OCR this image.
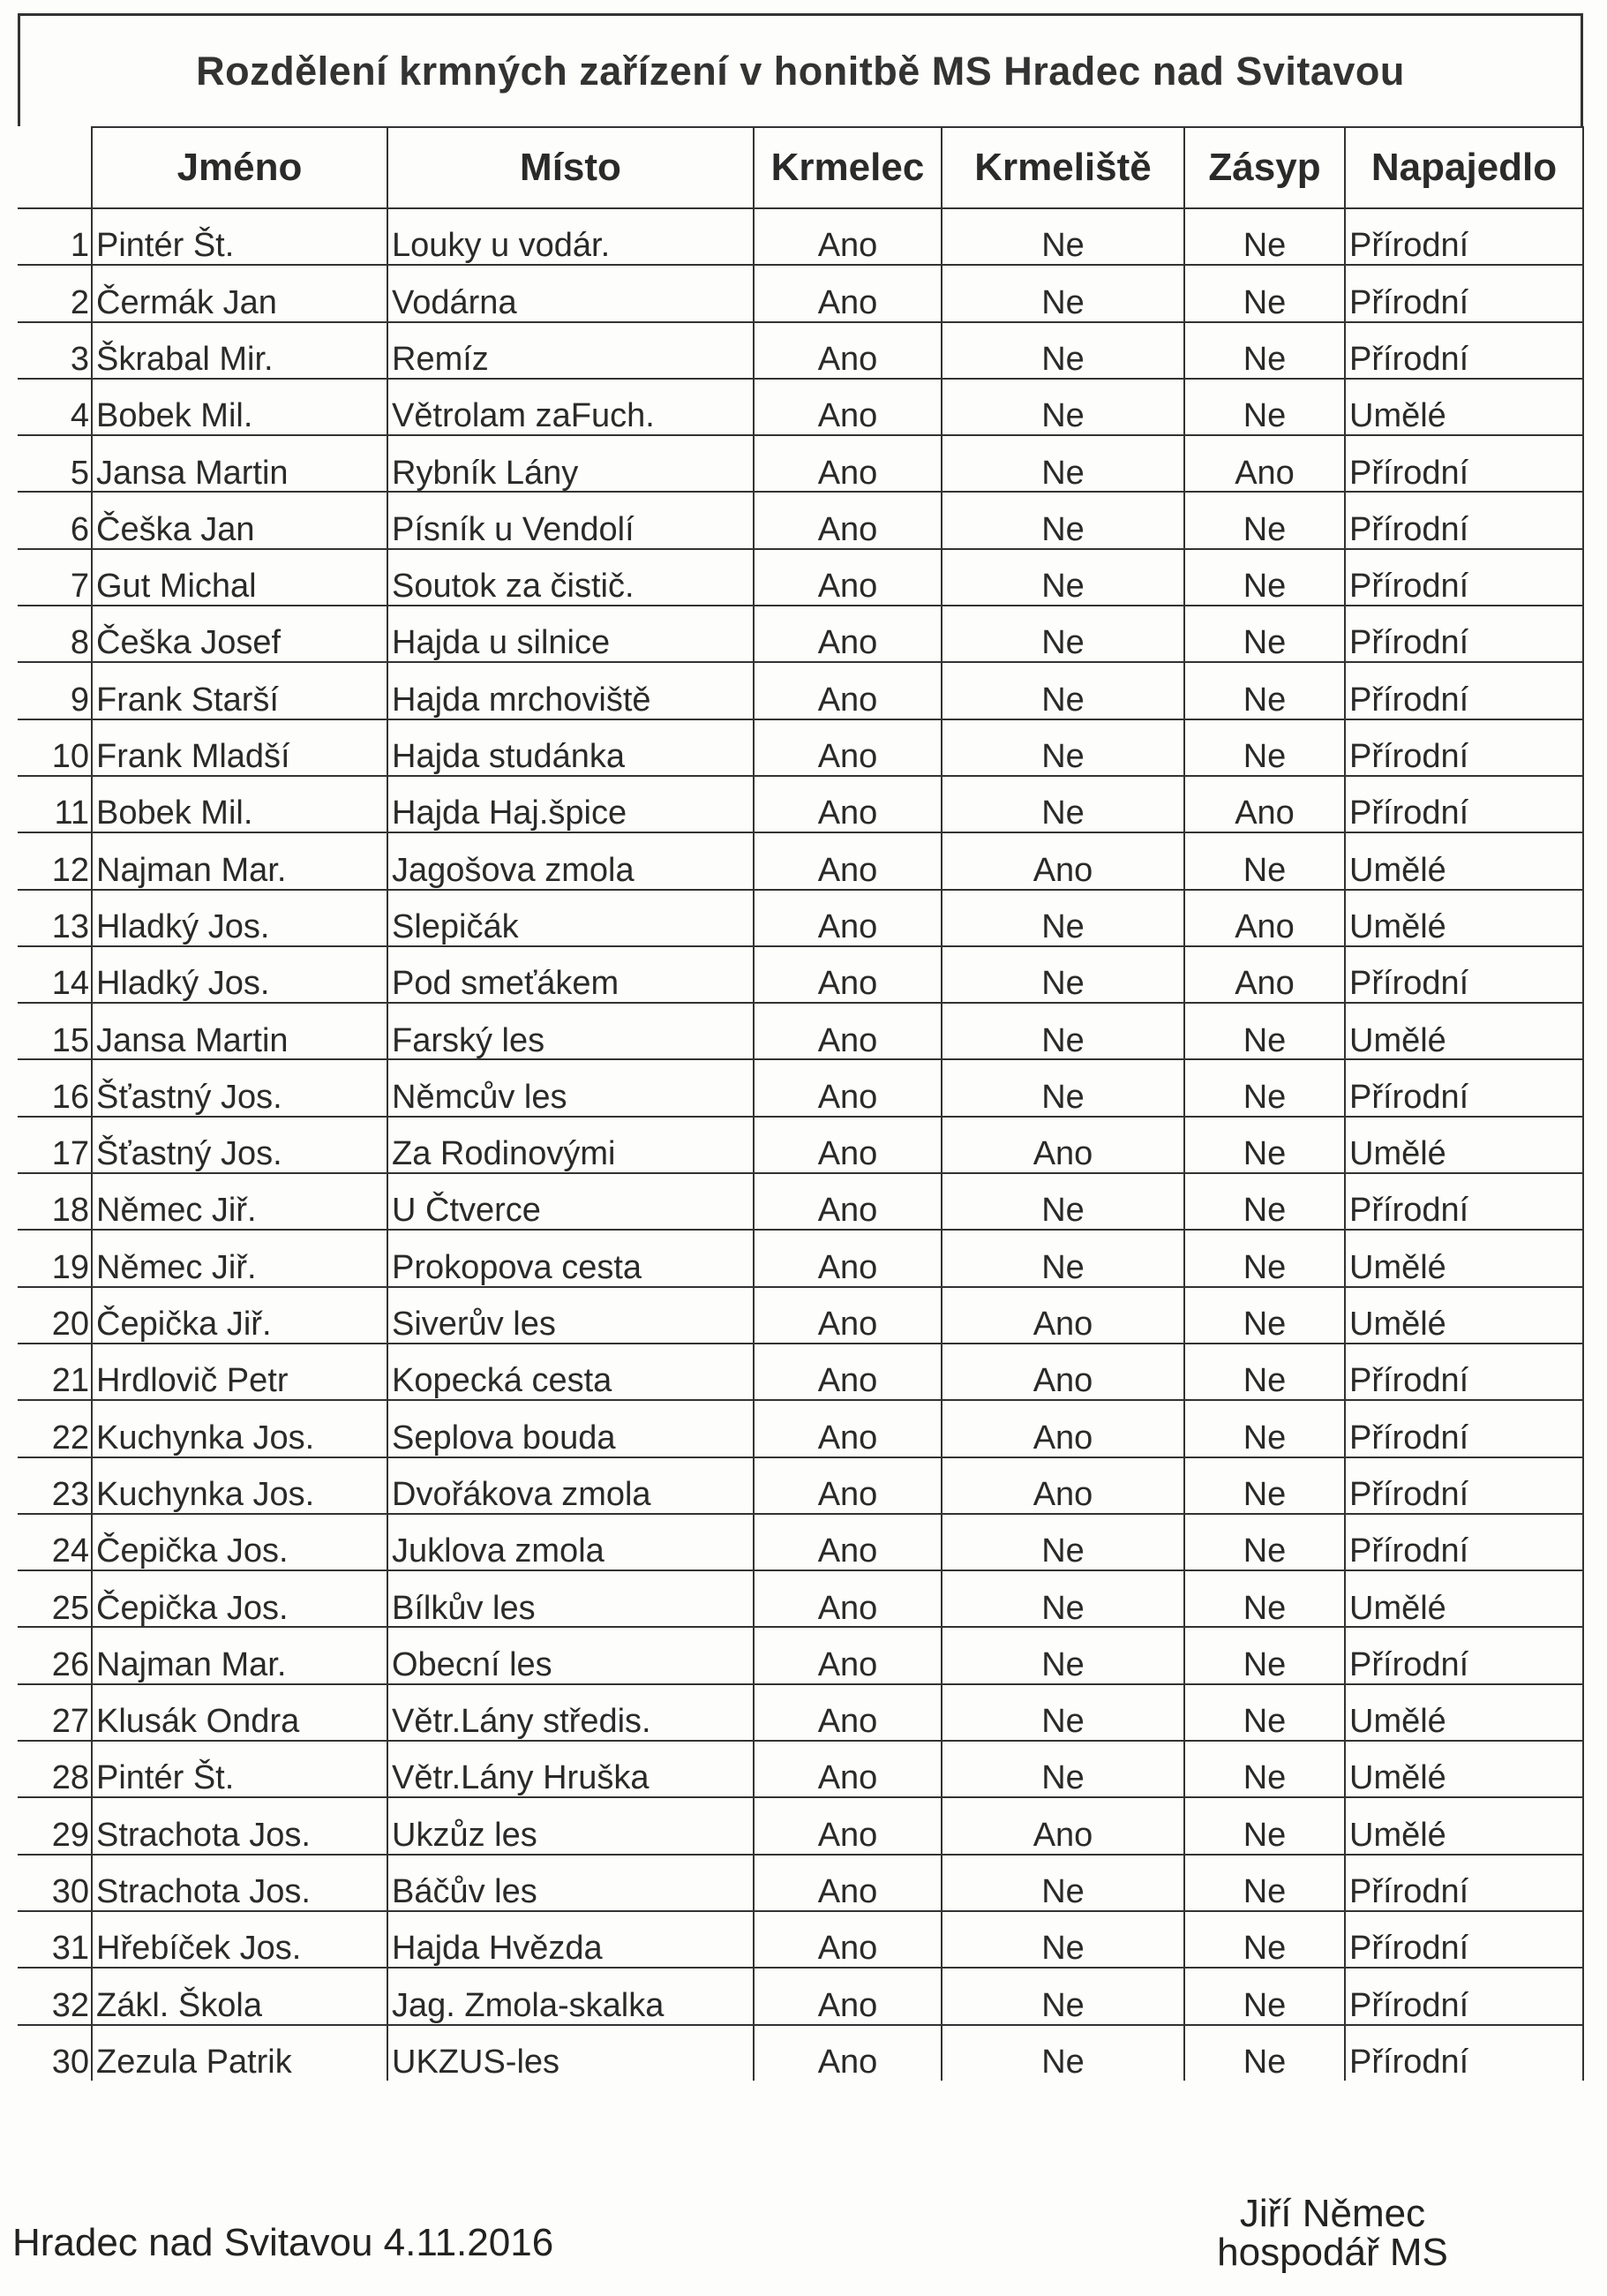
Rozdělení krmných zařízení v honitbě MS Hradec nad Svitavou
	Jméno	Místo	Krmelec	Krmeliště	Zásyp	Napajedlo
1	Pintér Št.	Louky u vodár.	Ano	Ne	Ne	Přírodní
2	Čermák Jan	Vodárna	Ano	Ne	Ne	Přírodní
3	Škrabal Mir.	Remíz	Ano	Ne	Ne	Přírodní
4	Bobek Mil.	Větrolam zaFuch.	Ano	Ne	Ne	Umělé
5	Jansa Martin	Rybník Lány	Ano	Ne	Ano	Přírodní
6	Češka Jan	Písník u Vendolí	Ano	Ne	Ne	Přírodní
7	Gut Michal	Soutok za čistič.	Ano	Ne	Ne	Přírodní
8	Češka Josef	Hajda u silnice	Ano	Ne	Ne	Přírodní
9	Frank Starší	Hajda mrchoviště	Ano	Ne	Ne	Přírodní
10	Frank Mladší	Hajda studánka	Ano	Ne	Ne	Přírodní
11	Bobek Mil.	Hajda Haj.špice	Ano	Ne	Ano	Přírodní
12	Najman Mar.	Jagošova zmola	Ano	Ano	Ne	Umělé
13	Hladký Jos.	Slepičák	Ano	Ne	Ano	Umělé
14	Hladký Jos.	Pod smeťákem	Ano	Ne	Ano	Přírodní
15	Jansa Martin	Farský les	Ano	Ne	Ne	Umělé
16	Šťastný Jos.	Němcův les	Ano	Ne	Ne	Přírodní
17	Šťastný Jos.	Za Rodinovými	Ano	Ano	Ne	Umělé
18	Němec Jiř.	U Čtverce	Ano	Ne	Ne	Přírodní
19	Němec Jiř.	Prokopova cesta	Ano	Ne	Ne	Umělé
20	Čepička Jiř.	Siverův les	Ano	Ano	Ne	Umělé
21	Hrdlovič Petr	Kopecká cesta	Ano	Ano	Ne	Přírodní
22	Kuchynka Jos.	Seplova bouda	Ano	Ano	Ne	Přírodní
23	Kuchynka Jos.	Dvořákova zmola	Ano	Ano	Ne	Přírodní
24	Čepička Jos.	Juklova zmola	Ano	Ne	Ne	Přírodní
25	Čepička Jos.	Bílkův les	Ano	Ne	Ne	Umělé
26	Najman Mar.	Obecní les	Ano	Ne	Ne	Přírodní
27	Klusák Ondra	Větr.Lány středis.	Ano	Ne	Ne	Umělé
28	Pintér Št.	Větr.Lány Hruška	Ano	Ne	Ne	Umělé
29	Strachota Jos.	Ukzůz les	Ano	Ano	Ne	Umělé
30	Strachota Jos.	Báčův les	Ano	Ne	Ne	Přírodní
31	Hřebíček Jos.	Hajda Hvězda	Ano	Ne	Ne	Přírodní
32	Zákl. Škola	Jag. Zmola-skalka	Ano	Ne	Ne	Přírodní
30	Zezula Patrik	UKZUS-les	Ano	Ne	Ne	Přírodní
Hradec nad Svitavou 4.11.2016
Jiří Němec
hospodář MS
